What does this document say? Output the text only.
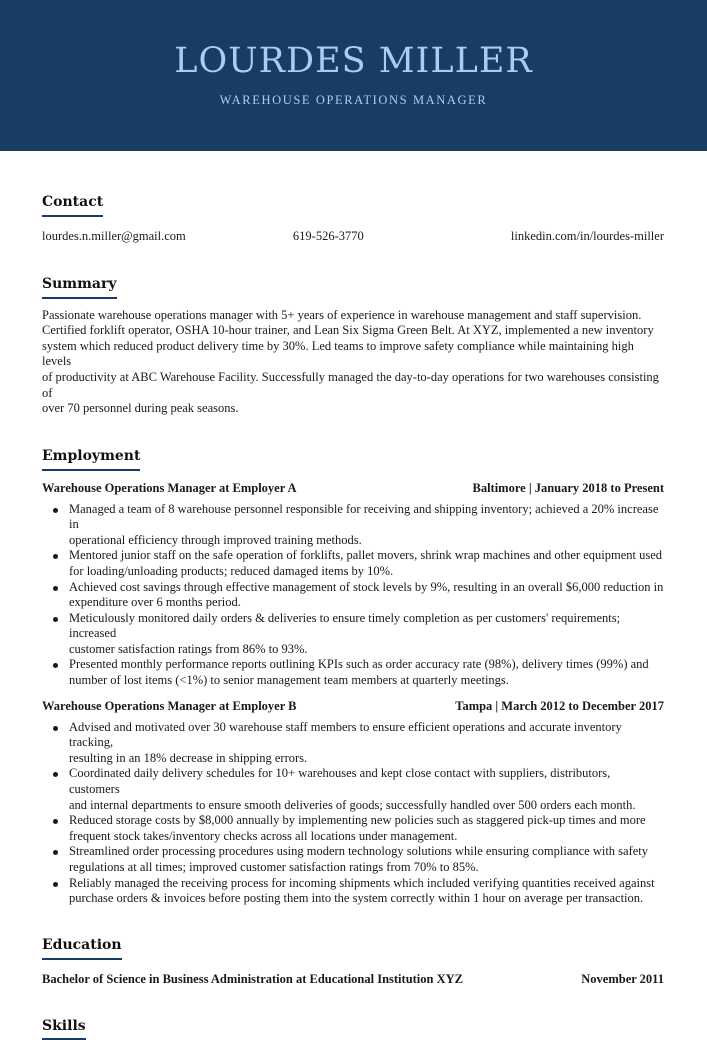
LOURDES MILLER
WAREHOUSE OPERATIONS MANAGER
Contact
lourdes.n.miller@gmail.com	619-526-3770	linkedin.com/in/lourdes-miller
Summary
Passionate warehouse operations manager with 5+ years of experience in warehouse management and staff supervision.
Certified forklift operator, OSHA 10-hour trainer, and Lean Six Sigma Green Belt. At XYZ, implemented a new inventory
system which reduced product delivery time by 30%. Led teams to improve safety compliance while maintaining high levels
of productivity at ABC Warehouse Facility. Successfully managed the day-to-day operations for two warehouses consisting of
over 70 personnel during peak seasons.
Employment
Warehouse Operations Manager at Employer A	Baltimore | January 2018 to Present
Managed a team of 8 warehouse personnel responsible for receiving and shipping inventory; achieved a 20% increase in
operational efficiency through improved training methods.
Mentored junior staff on the safe operation of forklifts, pallet movers, shrink wrap machines and other equipment used
for loading/unloading products; reduced damaged items by 10%.
Achieved cost savings through effective management of stock levels by 9%, resulting in an overall $6,000 reduction in
expenditure over 6 months period.
Meticulously monitored daily orders & deliveries to ensure timely completion as per customers' requirements; increased
customer satisfaction ratings from 86% to 93%.
Presented monthly performance reports outlining KPIs such as order accuracy rate (98%), delivery times (99%) and
number of lost items (<1%) to senior management team members at quarterly meetings.
Warehouse Operations Manager at Employer B	Tampa | March 2012 to December 2017
Advised and motivated over 30 warehouse staff members to ensure efficient operations and accurate inventory tracking,
resulting in an 18% decrease in shipping errors.
Coordinated daily delivery schedules for 10+ warehouses and kept close contact with suppliers, distributors, customers
and internal departments to ensure smooth deliveries of goods; successfully handled over 500 orders each month.
Reduced storage costs by $8,000 annually by implementing new policies such as staggered pick-up times and more
frequent stock takes/inventory checks across all locations under management.
Streamlined order processing procedures using modern technology solutions while ensuring compliance with safety
regulations at all times; improved customer satisfaction ratings from 70% to 85%.
Reliably managed the receiving process for incoming shipments which included verifying quantities received against
purchase orders & invoices before posting them into the system correctly within 1 hour on average per transaction.
Education
Bachelor of Science in Business Administration at Educational Institution XYZ	November 2011
Skills
